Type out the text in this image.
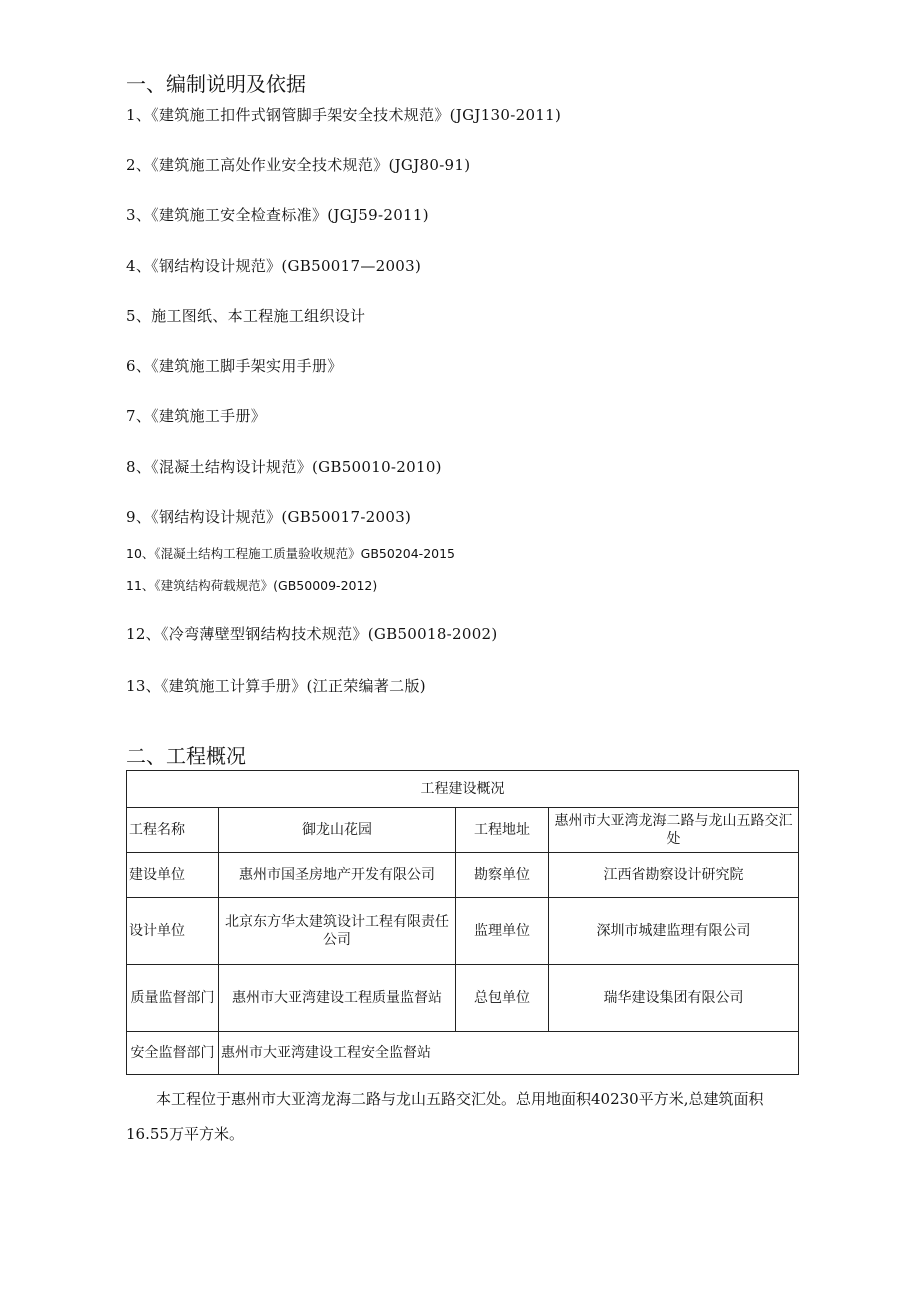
一、编制说明及依据
1、《建筑施工扣件式钢管脚手架安全技术规范》(JGJ130-2011)
2、《建筑施工高处作业安全技术规范》(JGJ80-91)
3、《建筑施工安全检查标准》(JGJ59-2011)
4、《钢结构设计规范》(GB50017—2003)
5、施工图纸、本工程施工组织设计
6、《建筑施工脚手架实用手册》
7、《建筑施工手册》
8、《混凝土结构设计规范》(GB50010-2010)
9、《钢结构设计规范》(GB50017-2003)
10、《混凝土结构工程施工质量验收规范》GB50204-2015
11、《建筑结构荷载规范》(GB50009-2012)
12、《冷弯薄壁型钢结构技术规范》(GB50018-2002)
13、《建筑施工计算手册》(江正荣编著二版)
二、工程概况
工程建设概况			
工程名称	御龙山花园	工程地址	惠州市大亚湾龙海二路与龙山五路交汇处
建设单位	惠州市国圣房地产开发有限公司	勘察单位	江西省勘察设计研究院
设计单位	北京东方华太建筑设计工程有限责任公司	监理单位	深圳市城建监理有限公司
质量监督部门	惠州市大亚湾建设工程质量监督站	总包单位	瑞华建设集团有限公司
安全监督部门	惠州市大亚湾建设工程安全监督站		
本工程位于惠州市大亚湾龙海二路与龙山五路交汇处。总用地面积40230平方米,总建筑面积16.55万平方米。
